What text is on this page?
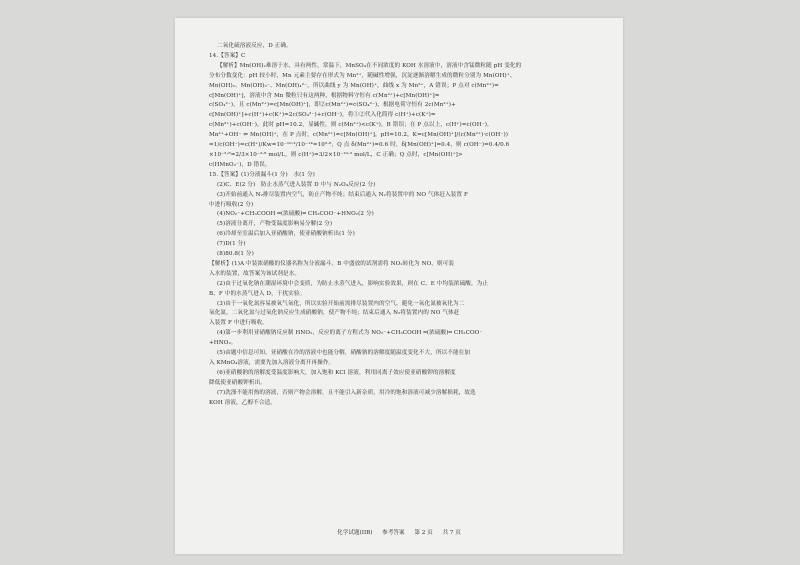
二氧化硫溶液反应，D 正确。
14.【答案】C
【解析】Mn(OH)₂难溶于水，具有两性，常温下，MnSO₄在不同浓度的 KOH 水溶液中，溶液中含锰微粒随 pH 变化的
分布分数变化：pH 较小时，Mn 元素主要存在形式为 Mn²⁺，随碱性增强，沉淀逐渐溶解生成的微粒分别为 Mn(OH)⁺、
Mn(OH)₂、Mn(OH)₃⁻、Mn(OH)₄²⁻，所以曲线 y 为 Mn(OH)⁺，曲线 x 为 Mn²⁺，A 错误；P 点对 c(Mn²⁺)=
c[Mn(OH)⁺]，溶液中含 Mn 微粒只有这两种，根据物料守恒有 c(Mn²⁺)+c[Mn(OH)⁺]=
c(SO₄²⁻)，且 c(Mn²⁺)=c[Mn(OH)⁺]，即②c(Mn²⁺)=c(SO₄²⁻)，根据电荷守恒有 2c(Mn²⁺)+
c[Mn(OH)⁺]+c(H⁺)+c(K⁺)=2c(SO₄²⁻)+c(OH⁻)，将①②代入化简得 c(H⁺)+c(K⁺)=
c(Mn²⁺)+c(OH⁻)，此时 pH=10.2，显碱性，则 c(Mn²⁺)<c(K⁺)，B 错误；在 P 点以上，c(H⁺)=c(OH⁻)，
Mn²⁺+OH⁻ ⇌ Mn(OH)⁺，在 P 点时，c(Mn²⁺)=c[Mn(OH)⁺]，pH=10.2，K=c[Mn(OH)⁺]/(c(Mn²⁺)·c(OH⁻))
=1/c(OH⁻)=c(H⁺)/Kw=10⁻¹⁰·²/10⁻¹⁴=10³·⁸，Q 点 δ(Mn²⁺)=0.6 时，δ[Mn(OH)⁺]=0.4，则 c(OH⁻)=0.4/0.6
×10⁻³·⁸=2/3×10⁻³·⁸ mol/L，则 c(H⁺)=3/2×10⁻¹⁰·² mol/L，C 正确；Q 点时，c[Mn(OH)⁺]>
c(HMnO₂⁻)，D 错误。
15.【答案】(1)分液漏斗(1 分)　水(1 分)
(2)C、E(2 分)　防止水蒸气进入装置 D 中与 N₂O₄反应(2 分)
(3)开始前通入 N₂排尽装置内空气，防止产物不纯；结束后通入 N₂将装置中的 NO 气体赶入装置 F
中进行吸收(2 分)
(4)NO₂⁻+CH₃COOH ═(浓硫酸)═ CH₃COO⁻+HNO₂(2 分)
(5)溶液分离开，产物受温度影响易分解(2 分)
(6)冷却至室温后加入亚硝酸钠，使亚硝酸钠析出(1 分)
(7)D(1 分)
(8)80.8(1 分)
【解析】(1)A 中装浓硝酸的仪器名称为分液漏斗，B 中盛放的试剂需将 NO₂转化为 NO，则可装
入水的装置，故答案为该试剂是水。
(2)由于过氧化钠在潮湿环境中会变质，为防止水蒸气进入，影响实验效果，则在 C、E 中均装浓硫酸，为止
B、F 中的水蒸气进入 D，干扰实验。
(3)由于一氧化氮容易被氧气氧化，所以实验开始前需排尽装置内的空气，避免一氧化氮被氧化为二
氧化氮，二氧化氮与过氧化钠反应生成硝酸钠，使产物不纯；结束后通入 N₂将装置内的 NO 气体赶
入装置 F 中进行吸收。
(4)第一步利用亚硝酸钠反应制 HNO₂，反应的离子方程式为 NO₂⁻+CH₃COOH ═(浓硫酸)═ CH₃COO⁻
+HNO₂。
(5)由题中信息可知，亚硝酸在冷的溶液中也能分解，硝酸钠的溶解度随温度变化不大，所以不能在加
入 KMnO₄溶液，需要先加入溶液分离开再操作。
(6)亚硝酸钠的溶解度受温度影响大，加入饱和 KCl 溶液，利用同离子效应使亚硝酸钾的溶解度
降低使亚硝酸钾析出。
(7)洗涤不能用热的溶液，否则产物会溶解，且不能引入新杂质，用冷的饱和溶液可减少溶解损耗，故选
KOH 溶液，乙醇不合适。
化学试题(IIB) 参考答案 第 2 页 共 7 页
